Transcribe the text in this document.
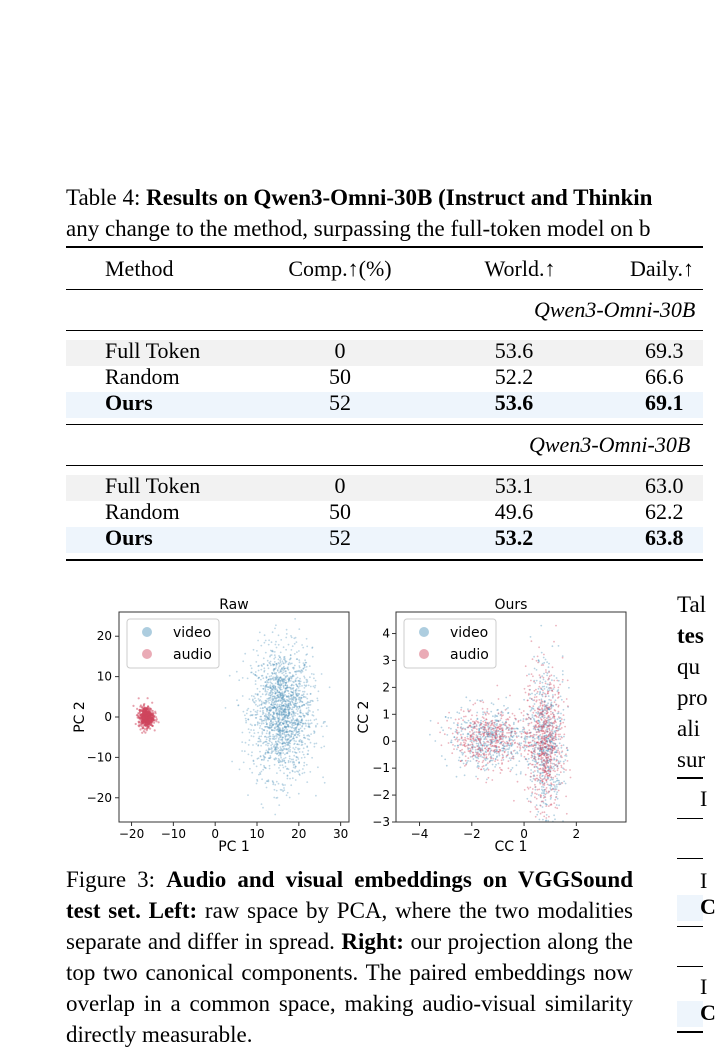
Table 4: Results on Qwen3-Omni-30B (Instruct and Thinkin
any change to the method, surpassing the full-token model on b
Method	Comp.↑(%)	World.↑	Daily.↑
Qwen3-Omni-30B
Full Token	0	53.6	69.3
Random	50	52.2	66.6
Ours	52	53.6	69.1
Qwen3-Omni-30B
Full Token	0	53.1	63.0
Random	50	49.6	62.2
Ours	52	53.2	63.8
Raw
−20 −10 0	10 20 30
20
10
0
−10
−20
PC 1
PC 2
video
audio
Ours
−4	−2	0	2
4
3
2
1
0
−1
−2
−3
CC 1
CC 2
video
audio
Figure 3: Audio and visual embeddings on VGGSound test set. Left: raw space by PCA, where the two modalities separate and differ in spread. Right: our projection along the top two canonical components. The paired embeddings now overlap in a common space, making audio-visual similarity directly measurable.
Tal
tes
qu
pro
ali
sur
I
I
C
I
C
